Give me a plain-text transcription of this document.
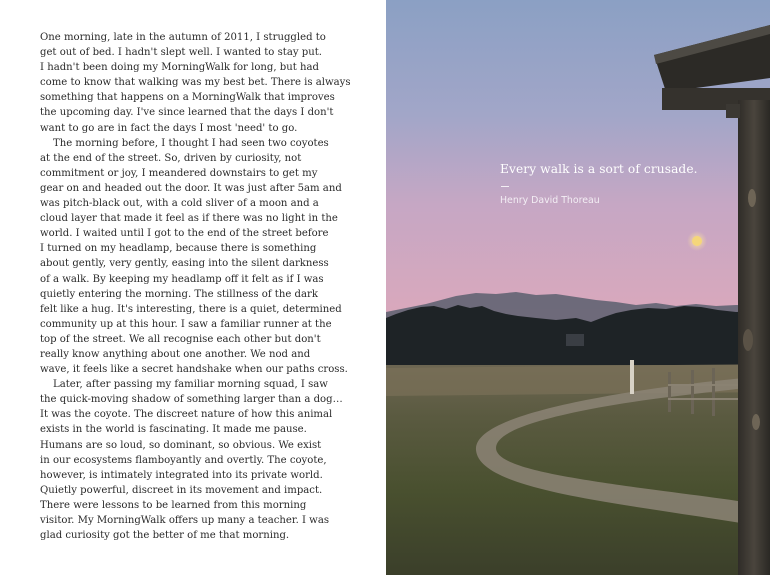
One morning, late in the autumn of 2011, I struggled to
get out of bed. I hadn't slept well. I wanted to stay put.
I hadn't been doing my MorningWalk for long, but had
come to know that walking was my best bet. There is always
something that happens on a MorningWalk that improves
the upcoming day. I've since learned that the days I don't
want to go are in fact the days I most 'need' to go.
The morning before, I thought I had seen two coyotes
at the end of the street. So, driven by curiosity, not
commitment or joy, I meandered downstairs to get my
gear on and headed out the door. It was just after 5am and
was pitch-black out, with a cold sliver of a moon and a
cloud layer that made it feel as if there was no light in the
world. I waited until I got to the end of the street before
I turned on my headlamp, because there is something
about gently, very gently, easing into the silent darkness
of a walk. By keeping my headlamp off it felt as if I was
quietly entering the morning. The stillness of the dark
felt like a hug. It's interesting, there is a quiet, determined
community up at this hour. I saw a familiar runner at the
top of the street. We all recognise each other but don't
really know anything about one another. We nod and
wave, it feels like a secret handshake when our paths cross.
Later, after passing my familiar morning squad, I saw
the quick-moving shadow of something larger than a dog…
It was the coyote. The discreet nature of how this animal
exists in the world is fascinating. It made me pause.
Humans are so loud, so dominant, so obvious. We exist
in our ecosystems flamboyantly and overtly. The coyote,
however, is intimately integrated into its private world.
Quietly powerful, discreet in its movement and impact.
There were lessons to be learned from this morning
visitor. My MorningWalk offers up many a teacher. I was
glad curiosity got the better of me that morning.
Every walk is a sort of crusade.
Henry David Thoreau
